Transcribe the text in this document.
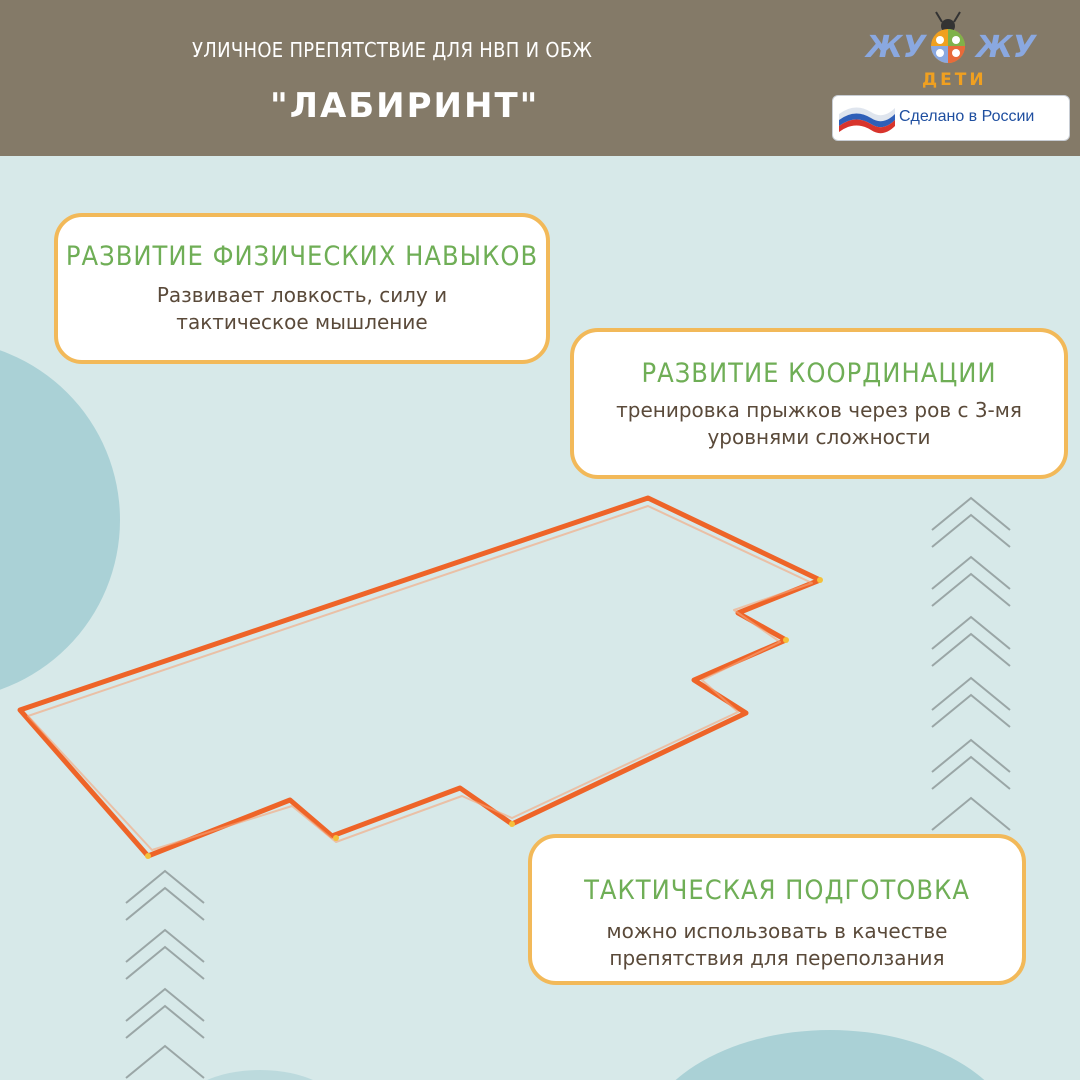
УЛИЧНОЕ ПРЕПЯТСТВИЕ ДЛЯ НВП И ОБЖ
"ЛАБИРИНТ"
ЖУ ЖУ
ДЕТИ
Сделано в России
РАЗВИТИЕ ФИЗИЧЕСКИХ НАВЫКОВ
Развивает ловкость, силу и
тактическое мышление
РАЗВИТИЕ КООРДИНАЦИИ
тренировка прыжков через ров с 3-мя
уровнями сложности
ТАКТИЧЕСКАЯ ПОДГОТОВКА
можно использовать в качестве
препятствия для переползания
